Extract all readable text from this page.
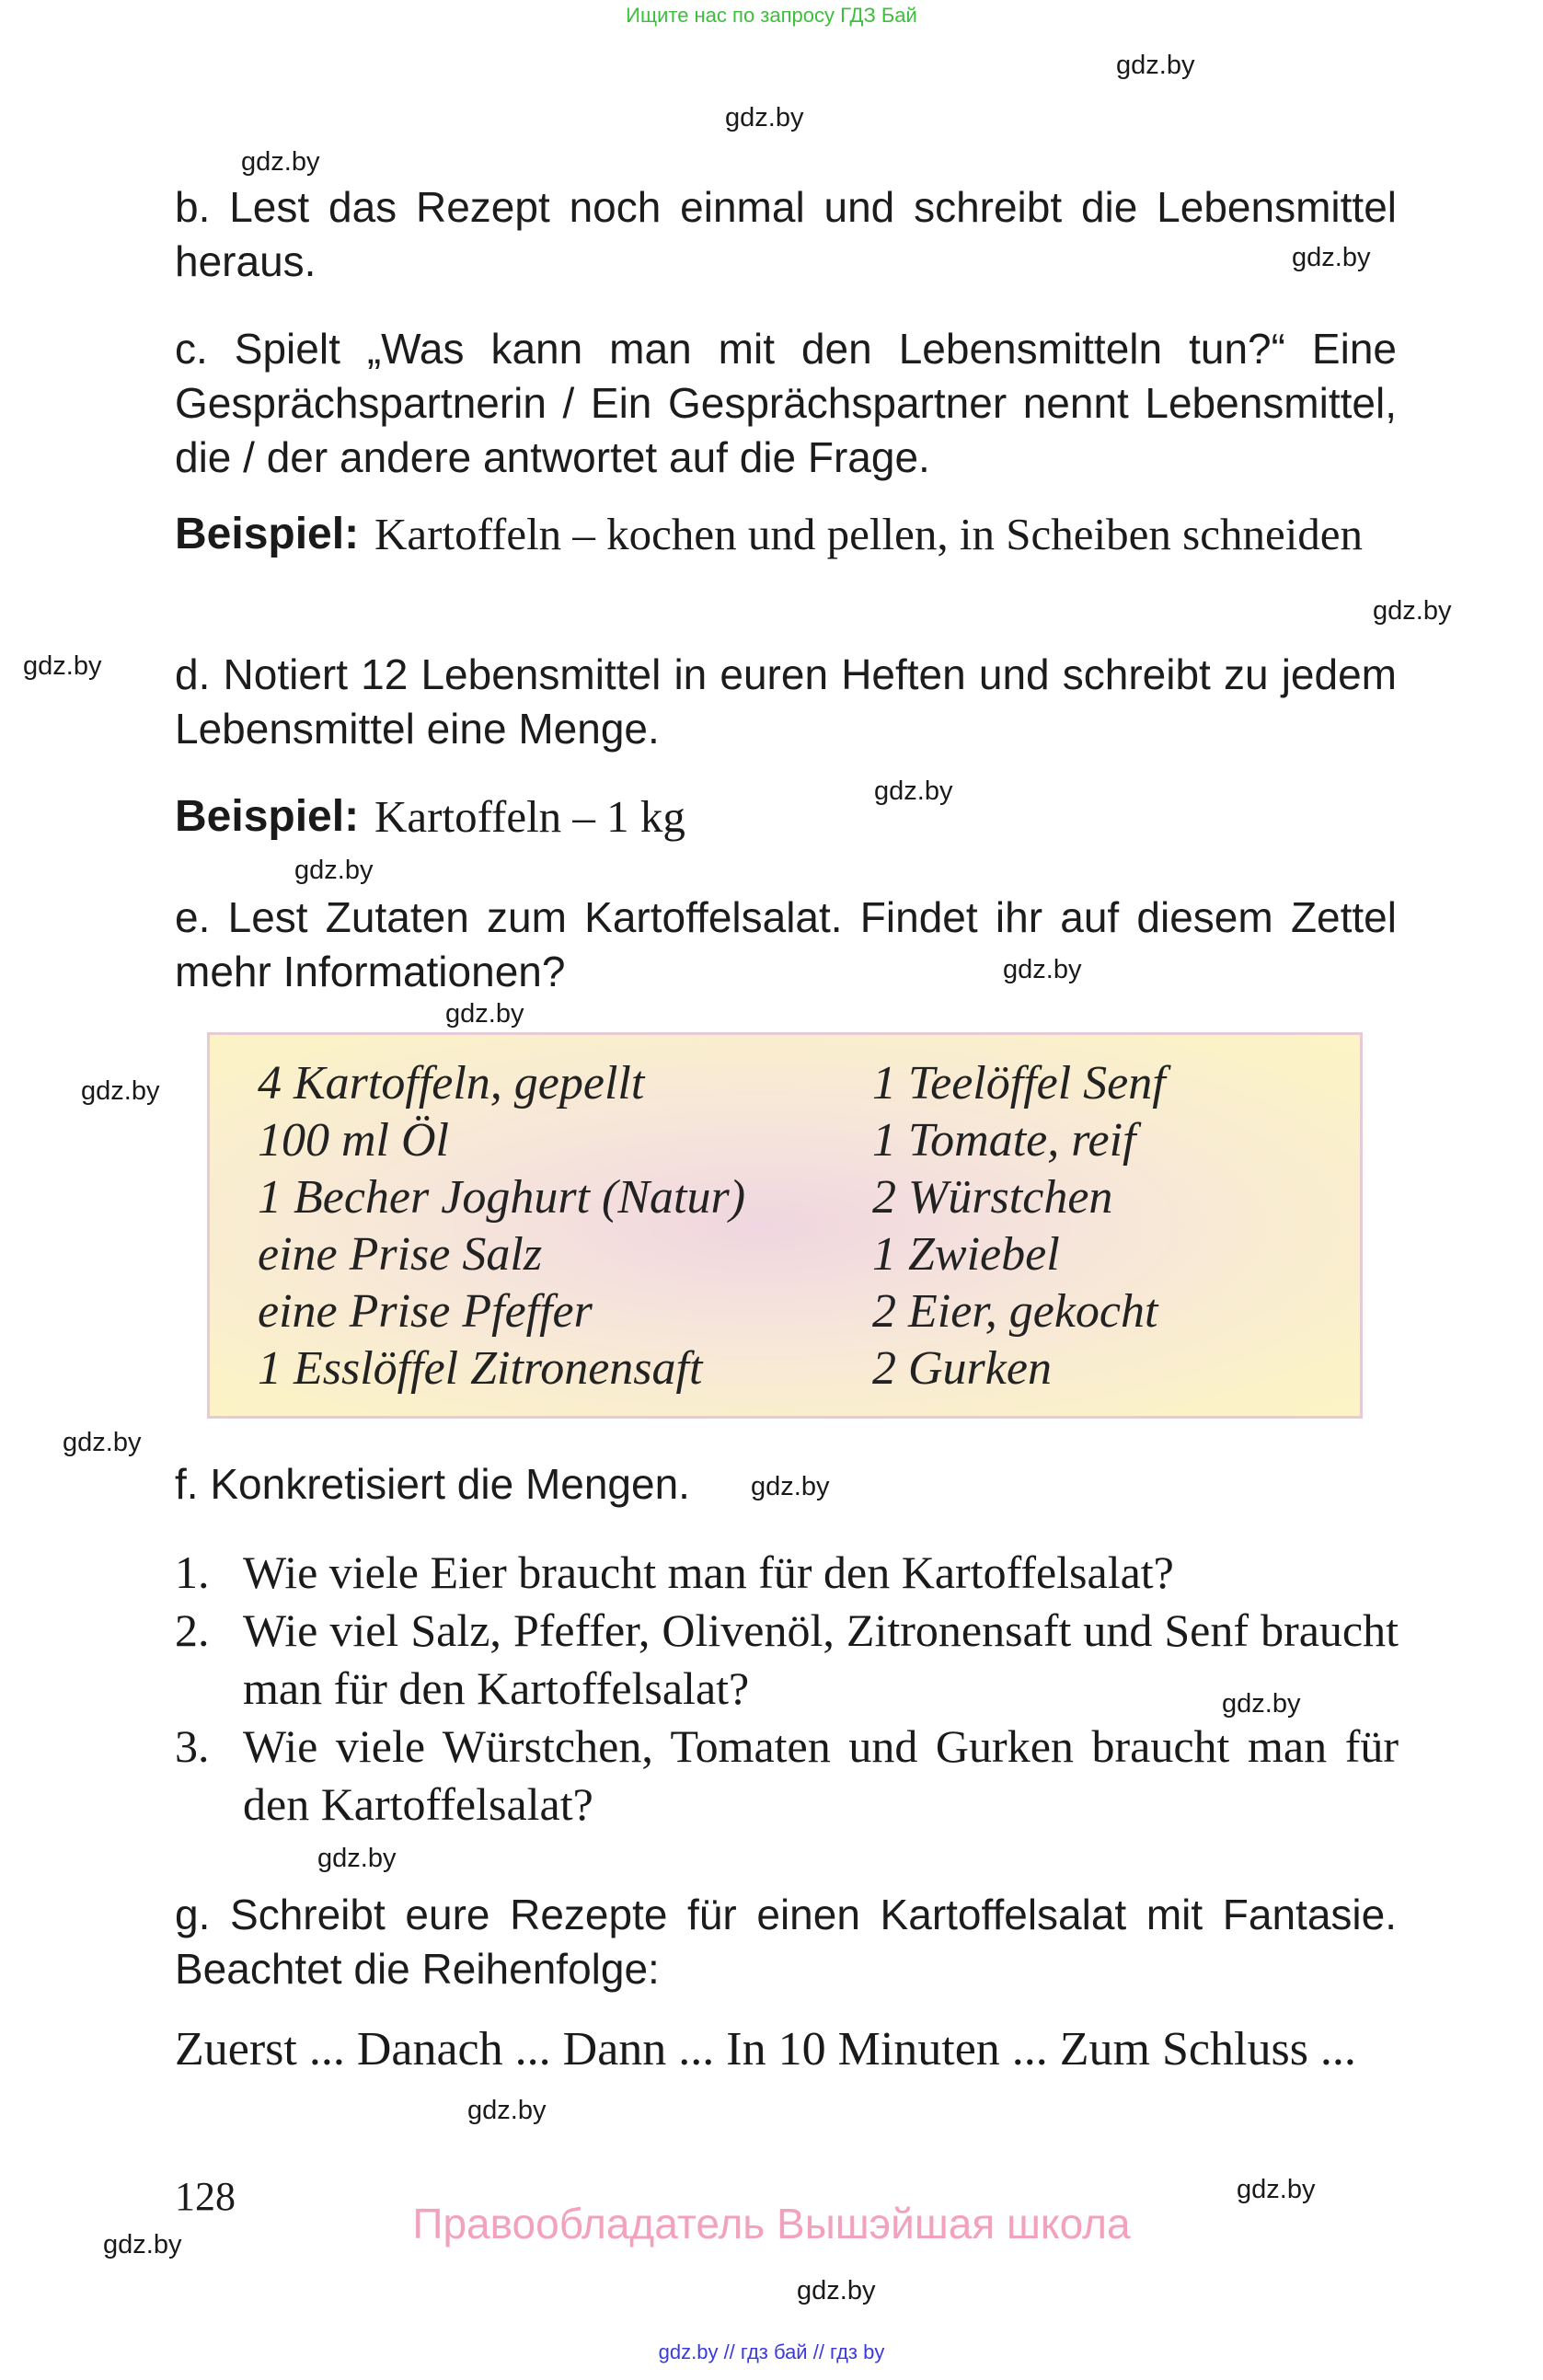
Ищите нас по запросу ГДЗ Бай
gdz.by
gdz.by
gdz.by
gdz.by
gdz.by
gdz.by
gdz.by
gdz.by
gdz.by
gdz.by
gdz.by
gdz.by
gdz.by
gdz.by
gdz.by
gdz.by
gdz.by
gdz.by
gdz.by
b. Lest das Rezept noch einmal und schreibt die Lebensmittel heraus.
c. Spielt „Was kann man mit den Lebensmitteln tun?“ Eine Gesprächspartnerin / Ein Gesprächspartner nennt Lebensmittel, die / der andere antwortet auf die Frage.
Beispiel: Kartoffeln – kochen und pellen, in Scheiben schneiden
d. Notiert 12 Lebensmittel in euren Heften und schreibt zu jedem Lebensmittel eine Menge.
Beispiel: Kartoffeln – 1 kg
e. Lest Zutaten zum Kartoffelsalat. Findet ihr auf diesem Zettel mehr Informationen?
4 Kartoffeln, gepellt
100 ml Öl
1 Becher Joghurt (Natur)
eine Prise Salz
eine Prise Pfeffer
1 Esslöffel Zitronensaft
1 Teelöffel Senf
1 Tomate, reif
2 Würstchen
1 Zwiebel
2 Eier, gekocht
2 Gurken
f. Konkretisiert die Mengen.
1. Wie viele Eier braucht man für den Kartoffelsalat?
2. Wie viel Salz, Pfeffer, Olivenöl, Zitronensaft und Senf braucht man für den Kartoffelsalat?
3. Wie viele Würstchen, Tomaten und Gurken braucht man für den Kartoffelsalat?
g. Schreibt eure Rezepte für einen Kartoffelsalat mit Fantasie. Beachtet die Reihenfolge:
Zuerst ... Danach ... Dann ... In 10 Minuten ... Zum Schluss ...
128
Правообладатель Вышэйшая школа
gdz.by // гдз бай // гдз by
